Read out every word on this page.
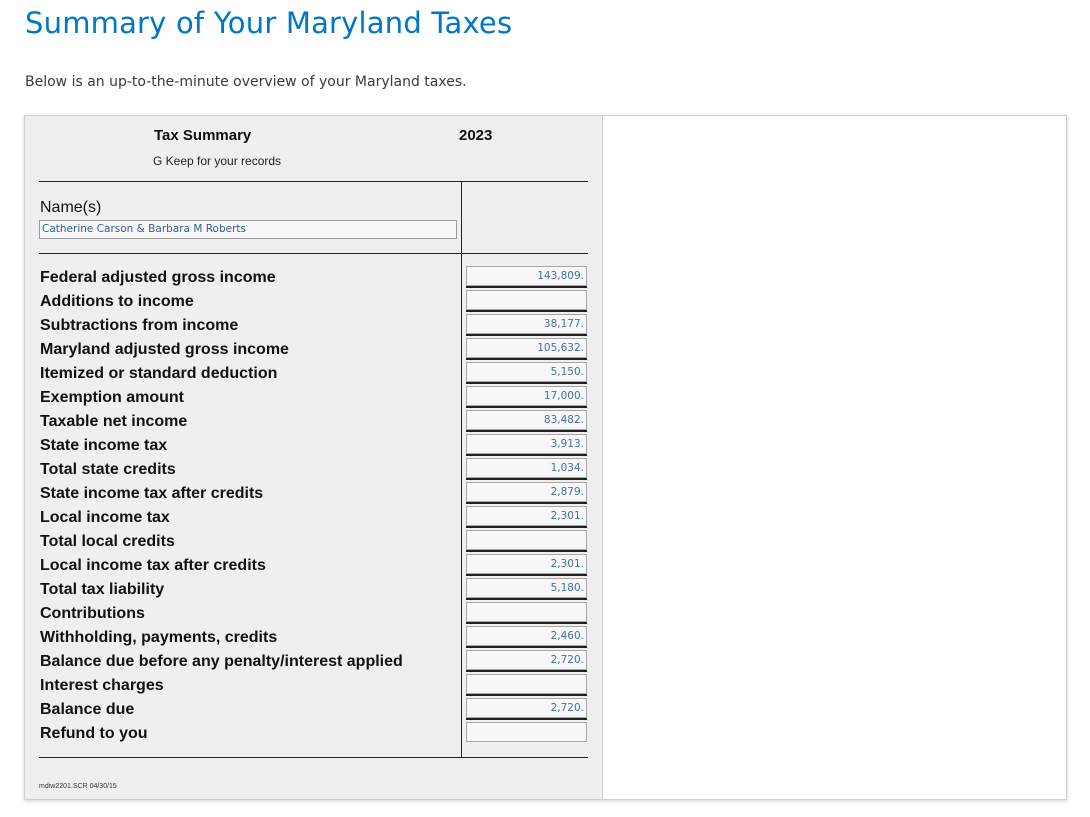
Summary of Your Maryland Taxes
Below is an up-to-the-minute overview of your Maryland taxes.
Tax Summary	2023
G Keep for your records
Name(s)
Catherine Carson & Barbara M Roberts
Federal adjusted gross income	143,809.
Additions to income
Subtractions from income	38,177.
Maryland adjusted gross income	105,632.
Itemized or standard deduction	5,150.
Exemption amount	17,000.
Taxable net income	83,482.
State income tax	3,913.
Total state credits	1,034.
State income tax after credits	2,879.
Local income tax	2,301.
Total local credits
Local income tax after credits	2,301.
Total tax liability	5,180.
Contributions
Withholding, payments, credits	2,460.
Balance due before any penalty/interest applied	2,720.
Interest charges
Balance due	2,720.
Refund to you
mdiw2201.SCR 04/30/15
